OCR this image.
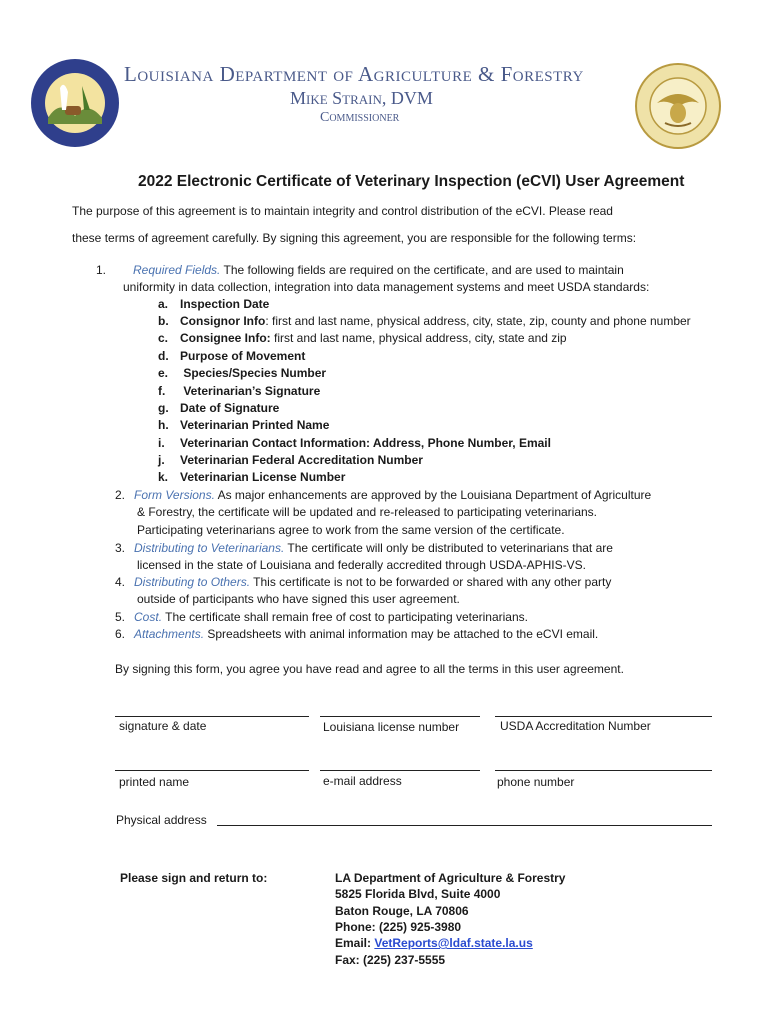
Louisiana Department of Agriculture & Forestry
Mike Strain, DVM
Commissioner
2022 Electronic Certificate of Veterinary Inspection (eCVI) User Agreement
The purpose of this agreement is to maintain integrity and control distribution of the eCVI. Please read
these terms of agreement carefully. By signing this agreement, you are responsible for the following terms:
1. Required Fields. The following fields are required on the certificate, and are used to maintain
uniformity in data collection, integration into data management systems and meet USDA standards:
a. Inspection Date
b. Consignor Info: first and last name, physical address, city, state, zip, county and phone number
c. Consignee Info: first and last name, physical address, city, state and zip
d. Purpose of Movement
e. Species/Species Number
f. Veterinarian’s Signature
g. Date of Signature
h. Veterinarian Printed Name
i. Veterinarian Contact Information: Address, Phone Number, Email
j. Veterinarian Federal Accreditation Number
k. Veterinarian License Number
2. Form Versions. As major enhancements are approved by the Louisiana Department of Agriculture
& Forestry, the certificate will be updated and re-released to participating veterinarians.
Participating veterinarians agree to work from the same version of the certificate.
3. Distributing to Veterinarians. The certificate will only be distributed to veterinarians that are
licensed in the state of Louisiana and federally accredited through USDA-APHIS-VS.
4. Distributing to Others. This certificate is not to be forwarded or shared with any other party
outside of participants who have signed this user agreement.
5. Cost. The certificate shall remain free of cost to participating veterinarians.
6. Attachments. Spreadsheets with animal information may be attached to the eCVI email.
By signing this form, you agree you have read and agree to all the terms in this user agreement.
signature & date	Louisiana license number	USDA Accreditation Number
printed name	e-mail address	phone number
Physical address
Please sign and return to:	LA Department of Agriculture & Forestry
5825 Florida Blvd, Suite 4000
Baton Rouge, LA 70806
Phone: (225) 925-3980
Email: VetReports@ldaf.state.la.us
Fax: (225) 237-5555
